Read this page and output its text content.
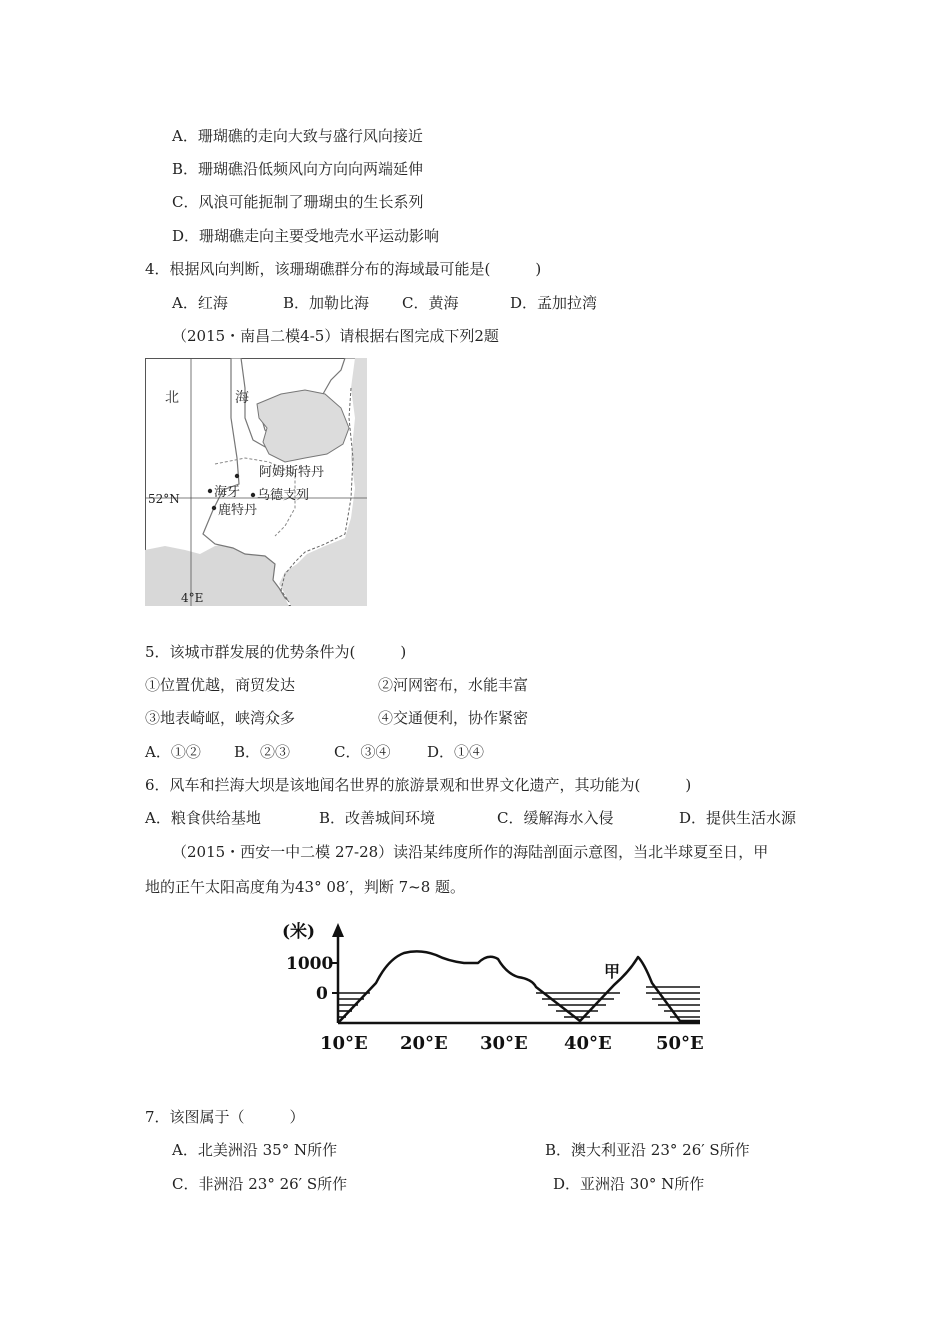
A．珊瑚礁的走向大致与盛行风向接近
B．珊瑚礁沿低频风向方向向两端延伸
C．风浪可能扼制了珊瑚虫的生长系列
D．珊瑚礁走向主要受地壳水平运动影响
4．根据风向判断，该珊瑚礁群分布的海域最可能是(　　　)
A．红海	B．加勒比海 C．黄海	D．孟加拉湾
（2015・南昌二模4-5）请根据右图完成下列2题
北	海
阿姆斯特丹
海牙 乌德支列
鹿特丹
52°N
4°E
5．该城市群发展的优势条件为(　　　)
①位置优越，商贸发达	②河网密布，水能丰富
③地表崎岖，峡湾众多	④交通便利，协作紧密
A．①② B．②③	C．③④ D．①④
6．风车和拦海大坝是该地闻名世界的旅游景观和世界文化遗产，其功能为(　　　)
A．粮食供给基地	B．改善城间环境	C．缓解海水入侵	D．提供生活水源
（2015・西安一中二模 27-28）读沿某纬度所作的海陆剖面示意图，当北半球夏至日，甲
地的正午太阳高度角为43° 08′，判断 7~8 题。
(米)
1000
0
甲
10°E 20°E 30°E 40°E 50°E
7．该图属于（　　　）
A．北美洲沿 35° N所作	B．澳大利亚沿 23° 26′ S所作
C．非洲沿 23° 26′ S所作	D．亚洲沿 30° N所作
